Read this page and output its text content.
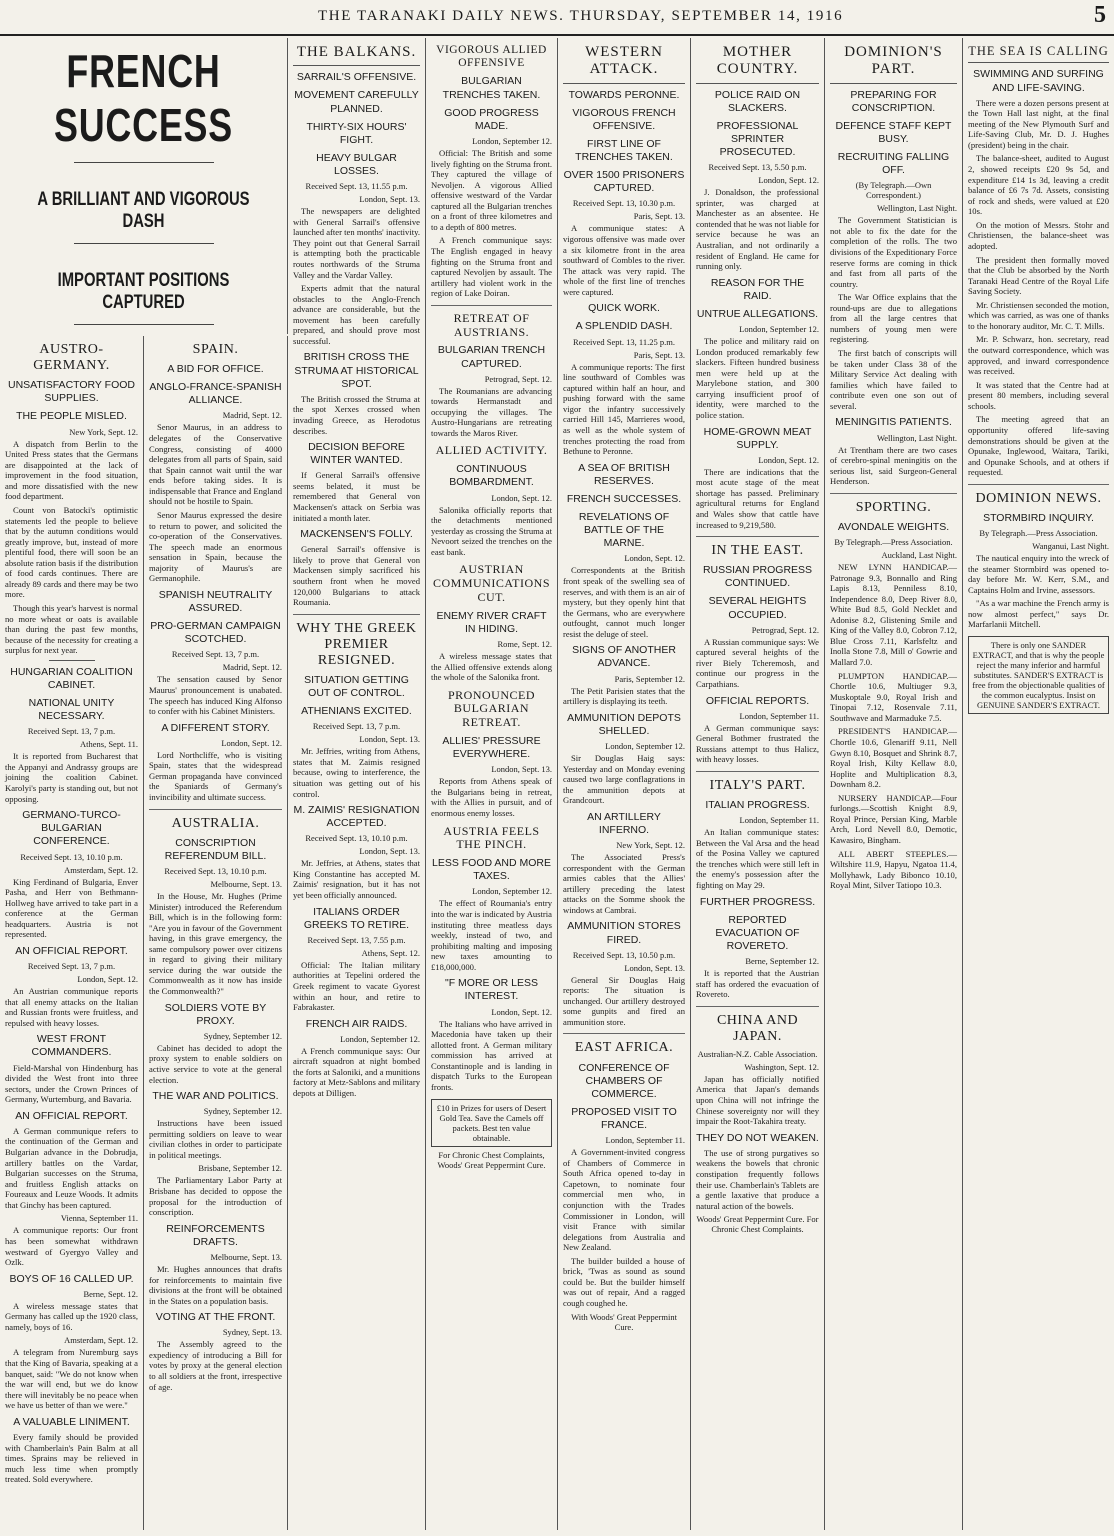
THE TARANAKI DAILY NEWS. THURSDAY, SEPTEMBER 14, 1916	5
FRENCH SUCCESS
A BRILLIANT AND VIGOROUS DASH
IMPORTANT POSITIONS CAPTURED
AUSTRO-GERMANY.
UNSATISFACTORY FOOD SUPPLIES.
THE PEOPLE MISLED.
New York, Sept. 12.

A dispatch from Berlin to the United Press states that the Germans are disappointed at the lack of improvement in the food situation, and more dissatisfied with the new food department.

Count von Batocki's optimistic statements led the people to believe that by the autumn conditions would greatly improve, but, instead of more plentiful food, there will soon be an absolute ration basis if the distribution of food cards continues. There are already 89 cards and there may be two more.

Though this year's harvest is normal no more wheat or oats is available than during the past few months, because of the necessity for creating a surplus for next year.

HUNGARIAN COALITION CABINET.
NATIONAL UNITY NECESSARY.
Received Sept. 13, 7 p.m.
Athens, Sept. 11.

It is reported from Bucharest that the Appanyi and Andrassy groups are joining the coalition Cabinet. Karolyi's party is standing out, but not opposing.

GERMANO-TURCO-BULGARIAN CONFERENCE.
Received Sept. 13, 10.10 p.m.
Amsterdam, Sept. 12.

King Ferdinand of Bulgaria, Enver Pasha, and Herr von Bethmann-Hollweg have arrived to take part in a conference at the German headquarters. Austria is not represented.

AN OFFICIAL REPORT.
Received Sept. 13, 7 p.m.
London, Sept. 12.

An Austrian communique reports that all enemy attacks on the Italian and Russian fronts were fruitless, and repulsed with heavy losses.

WEST FRONT COMMANDERS.

Field-Marshal von Hindenburg has divided the West front into three sectors, under the Crown Princes of Germany, Wurtemburg, and Bavaria.

AN OFFICIAL REPORT.

A German communique refers to the continuation of the German and Bulgarian advance in the Dobrudja, artillery battles on the Vardar, Bulgarian successes on the Struma, and fruitless English attacks on Foureaux and Leuze Woods. It admits that Ginchy has been captured.

Vienna, September 11.

A communique reports: Our front has been somewhat withdrawn westward of Gyergyo Valley and Ozlk.

BOYS OF 16 CALLED UP.
Berne, Sept. 12.

A wireless message states that Germany has called up the 1920 class, namely, boys of 16.

Amsterdam, Sept. 12.

A telegram from Nuremburg says that the King of Bavaria, speaking at a banquet, said: "We do not know when the war will end, but we do know there will inevitably be no peace when we have us better of than we were."

A VALUABLE LINIMENT.

Every family should be provided with Chamberlain's Pain Balm at all times. Sprains may be relieved in much less time when promptly treated. Sold everywhere.

SPAIN.
A BID FOR OFFICE.
ANGLO-FRANCE-SPANISH ALLIANCE.
Madrid, Sept. 12.

Senor Maurus, in an address to delegates of the Conservative Congress, consisting of 4000 delegates from all parts of Spain, said that Spain cannot wait until the war ends before taking sides. It is indispensable that France and England should not be hostile to Spain.

Senor Maurus expressed the desire to return to power, and solicited the co-operation of the Conservatives. The speech made an enormous sensation in Spain, because the majority of Maurus's are Germanophile.

SPANISH NEUTRALITY ASSURED.
PRO-GERMAN CAMPAIGN SCOTCHED.
Received Sept. 13, 7 p.m.
Madrid, Sept. 12.

The sensation caused by Senor Maurus' pronouncement is unabated. The speech has induced King Alfonso to confer with his Cabinet Ministers.

A DIFFERENT STORY.
London, Sept. 12.

Lord Northcliffe, who is visiting Spain, states that the widespread German propaganda have convinced the Spaniards of Germany's invincibility and ultimate success.

AUSTRALIA.
CONSCRIPTION REFERENDUM BILL.
Received Sept. 13, 10.10 p.m.
Melbourne, Sept. 13.

In the House, Mr. Hughes (Prime Minister) introduced the Referendum Bill, which is in the following form: "Are you in favour of the Government having, in this grave emergency, the same compulsory power over citizens in regard to giving their military service during the war outside the Commonwealth as it now has inside the Commonwealth?"

SOLDIERS VOTE BY PROXY.
Sydney, September 12.

Cabinet has decided to adopt the proxy system to enable soldiers on active service to vote at the general election.

THE WAR AND POLITICS.
Sydney, September 12.

Instructions have been issued permitting soldiers on leave to wear civilian clothes in order to participate in political meetings.

Brisbane, September 12.

The Parliamentary Labor Party at Brisbane has decided to oppose the proposal for the introduction of conscription.

REINFORCEMENTS DRAFTS.
Melbourne, Sept. 13.

Mr. Hughes announces that drafts for reinforcements to maintain five divisions at the front will be obtained in the States on a population basis.

VOTING AT THE FRONT.
Sydney, Sept. 13.

The Assembly agreed to the expediency of introducing a Bill for votes by proxy at the general election to all soldiers at the front, irrespective of age.

THE BALKANS.
SARRAIL'S OFFENSIVE.
MOVEMENT CAREFULLY PLANNED.
THIRTY-SIX HOURS' FIGHT.
HEAVY BULGAR LOSSES.
Received Sept. 13, 11.55 p.m.
London, Sept. 13.

The newspapers are delighted with General Sarrail's offensive launched after ten months' inactivity. They point out that General Sarrail is attempting both the practicable routes northwards of the Struma Valley and the Vardar Valley.

Experts admit that the natural obstacles to the Anglo-French advance are considerable, but the movement has been carefully prepared, and should prove most successful.

BRITISH CROSS THE STRUMA AT HISTORICAL SPOT.

The British crossed the Struma at the spot Xerxes crossed when invading Greece, as Herodotus describes.

DECISION BEFORE WINTER WANTED.

If General Sarrail's offensive seems belated, it must be remembered that General von Mackensen's attack on Serbia was initiated a month later.

MACKENSEN'S FOLLY.

General Sarrail's offensive is likely to prove that General von Mackensen simply sacrificed his southern front when he moved 120,000 Bulgarians to attack Roumania.

WHY THE GREEK PREMIER RESIGNED.
SITUATION GETTING OUT OF CONTROL.
ATHENIANS EXCITED.
Received Sept. 13, 7 p.m.
London, Sept. 13.

Mr. Jeffries, writing from Athens, states that M. Zaimis resigned because, owing to interference, the situation was getting out of his control.

M. ZAIMIS' RESIGNATION ACCEPTED.
Received Sept. 13, 10.10 p.m.
London, Sept. 13.

Mr. Jeffries, at Athens, states that King Constantine has accepted M. Zaimis' resignation, but it has not yet been officially announced.

ITALIANS ORDER GREEKS TO RETIRE.
Received Sept. 13, 7.55 p.m.
Athens, Sept. 12.

Official: The Italian military authorities at Tepelini ordered the Greek regiment to vacate Gyorest within an hour, and retire to Fabrakaster.

FRENCH AIR RAIDS.
London, September 12.

A French communique says: Our aircraft squadron at night bombed the forts at Saloniki, and a munitions factory at Metz-Sablons and military depots at Dilligen.

VIGOROUS ALLIED OFFENSIVE
BULGARIAN TRENCHES TAKEN.
GOOD PROGRESS MADE.
London, September 12.

Official: The British and some lively fighting on the Struma front. They captured the village of Nevoljen. A vigorous Allied offensive westward of the Vardar captured all the Bulgarian trenches on a front of three kilometres and to a depth of 800 metres.

A French communique says: The English engaged in heavy fighting on the Struma front and captured Nevoljen by assault. The artillery had violent work in the region of Lake Doiran.

RETREAT OF AUSTRIANS.
BULGARIAN TRENCH CAPTURED.
Petrograd, Sept. 12.

The Roumanians are advancing towards Hermanstadt and occupying the villages. The Austro-Hungarians are retreating towards the Maros River.

ALLIED ACTIVITY.
CONTINUOUS BOMBARDMENT.
London, Sept. 12.

Salonika officially reports that the detachments mentioned yesterday as crossing the Struma at Nevoort seized the trenches on the east bank.

AUSTRIAN COMMUNICATIONS CUT.
ENEMY RIVER CRAFT IN HIDING.
Rome, Sept. 12.

A wireless message states that the Allied offensive extends along the whole of the Salonika front.

PRONOUNCED BULGARIAN RETREAT.
ALLIES' PRESSURE EVERYWHERE.
London, Sept. 13.

Reports from Athens speak of the Bulgarians being in retreat, with the Allies in pursuit, and of enormous enemy losses.

AUSTRIA FEELS THE PINCH.
LESS FOOD AND MORE TAXES.
London, September 12.

The effect of Roumania's entry into the war is indicated by Austria instituting three meatless days weekly, instead of two, and prohibiting malting and imposing new taxes amounting to £18,000,000.

"F MORE OR LESS INTEREST.
London, Sept. 12.

The Italians who have arrived in Macedonia have taken up their allotted front. A German military commission has arrived at Constantinople and is landing in dispatch Turks to the European fronts.

£10 in Prizes for users of Desert Gold Tea. Save the Camels off packets. Best ten value obtainable.
For Chronic Chest Complaints, Woods' Great Peppermint Cure.
WESTERN ATTACK.
TOWARDS PERONNE.
VIGOROUS FRENCH OFFENSIVE.
FIRST LINE OF TRENCHES TAKEN.
OVER 1500 PRISONERS CAPTURED.
Received Sept. 13, 10.30 p.m.
Paris, Sept. 13.

A communique states: A vigorous offensive was made over a six kilometre front in the area southward of Combles to the river. The attack was very rapid. The whole of the first line of trenches were captured.

QUICK WORK.
A SPLENDID DASH.
Received Sept. 13, 11.25 p.m.
Paris, Sept. 13.

A communique reports: The first line southward of Combles was captured within half an hour, and pushing forward with the same vigor the infantry successively carried Hill 145, Marrieres wood, as well as the whole system of trenches protecting the road from Bethune to Peronne.

A SEA OF BRITISH RESERVES.
FRENCH SUCCESSES.
REVELATIONS OF BATTLE OF THE MARNE.
London, Sept. 12.

Correspondents at the British front speak of the swelling sea of reserves, and with them is an air of mystery, but they openly hint that the Germans, who are everywhere outfought, cannot much longer resist the deluge of steel.

SIGNS OF ANOTHER ADVANCE.
Paris, September 12.

The Petit Parisien states that the artillery is displaying its teeth.

AMMUNITION DEPOTS SHELLED.
London, September 12.

Sir Douglas Haig says: Yesterday and on Monday evening caused two large conflagrations in the ammunition depots at Grandcourt.

AN ARTILLERY INFERNO.
New York, Sept. 12.

The Associated Press's correspondent with the German armies cables that the Allies' artillery preceding the latest attacks on the Somme shook the windows at Cambrai.

AMMUNITION STORES FIRED.
Received Sept. 13, 10.50 p.m.
London, Sept. 13.

General Sir Douglas Haig reports: The situation is unchanged. Our artillery destroyed some gunpits and fired an ammunition store.

EAST AFRICA.
CONFERENCE OF CHAMBERS OF COMMERCE.
PROPOSED VISIT TO FRANCE.
London, September 11.

A Government-invited congress of Chambers of Commerce in South Africa opened to-day in Capetown, to nominate four commercial men who, in conjunction with the Trades Commissioner in London, will visit France with similar delegations from Australia and New Zealand.

The builder builded a house of brick, 'Twas as sound as sound could be. But the builder himself was out of repair, And a ragged cough coughed he.

With Woods' Great Peppermint Cure.
MOTHER COUNTRY.
POLICE RAID ON SLACKERS.
PROFESSIONAL SPRINTER PROSECUTED.
Received Sept. 13, 5.50 p.m.
London, Sept. 12.

J. Donaldson, the professional sprinter, was charged at Manchester as an absentee. He contended that he was not liable for service because he was an Australian, and not ordinarily a resident of England. He came for running only.

REASON FOR THE RAID.
UNTRUE ALLEGATIONS.
London, September 12.

The police and military raid on London produced remarkably few slackers. Fifteen hundred business men were held up at the Marylebone station, and 300 carrying insufficient proof of identity, were marched to the police station.

HOME-GROWN MEAT SUPPLY.
London, Sept. 12.

There are indications that the most acute stage of the meat shortage has passed. Preliminary agricultural returns for England and Wales show that cattle have increased to 9,219,580.

IN THE EAST.
RUSSIAN PROGRESS CONTINUED.
SEVERAL HEIGHTS OCCUPIED.
Petrograd, Sept. 12.

A Russian communique says: We captured several heights of the river Biely Tcheremosh, and continue our progress in the Carpathians.

OFFICIAL REPORTS.
London, September 11.

A German communique says: General Bothmer frustrated the Russians attempt to thus Halicz, with heavy losses.

ITALY'S PART.
ITALIAN PROGRESS.
London, September 11.

An Italian communique states: Between the Val Arsa and the head of the Posina Valley we captured the trenches which were still left in the enemy's possession after the fighting on May 29.

FURTHER PROGRESS.
REPORTED EVACUATION OF ROVERETO.
Berne, September 12.

It is reported that the Austrian staff has ordered the evacuation of Rovereto.

CHINA AND JAPAN.
Australian-N.Z. Cable Association.
Washington, Sept. 12.

Japan has officially notified America that Japan's demands upon China will not infringe the Chinese sovereignty nor will they impair the Root-Takahira treaty.

THEY DO NOT WEAKEN.

The use of strong purgatives so weakens the bowels that chronic constipation frequently follows their use. Chamberlain's Tablets are a gentle laxative that produce a natural action of the bowels.

Woods' Great Peppermint Cure. For Chronic Chest Complaints.
DOMINION'S PART.
PREPARING FOR CONSCRIPTION.
DEFENCE STAFF KEPT BUSY.
RECRUITING FALLING OFF.
(By Telegraph.—Own Correspondent.)
Wellington, Last Night.

The Government Statistician is not able to fix the date for the completion of the rolls. The two divisions of the Expeditionary Force reserve forms are coming in thick and fast from all parts of the country.

The War Office explains that the round-ups are due to allegations from all the large centres that numbers of young men were registering.

The first batch of conscripts will be taken under Class 38 of the Military Service Act dealing with families which have failed to contribute even one son out of several.

MENINGITIS PATIENTS.
Wellington, Last Night.

At Trentham there are two cases of cerebro-spinal meningitis on the serious list, said Surgeon-General Henderson.

SPORTING.
AVONDALE WEIGHTS.
By Telegraph.—Press Association.
Auckland, Last Night.

NEW LYNN HANDICAP.—Patronage 9.3, Bonnallo and Ring Lapis 8.13, Penniless 8.10, Independence 8.0, Deep River 8.0, White Bud 8.5, Gold Necklet and Adonise 8.2, Glistening Smile and King of the Valley 8.0, Cobron 7.12, Blue Cross 7.11, Karlsfeltz and Inolla Stone 7.8, Mill o' Gowrie and Mallard 7.0.

PLUMPTON HANDICAP.—Chortle 10.6, Multiuger 9.3, Muskoptale 9.0, Royal Irish and Tinopai 7.12, Rosenvale 7.11, Southwave and Marmaduke 7.5.

PRESIDENT'S HANDICAP.—Chortle 10.6, Glenariff 9.11, Nell Gwyn 8.10, Bosquet and Shrink 8.7, Royal Irish, Kilty Kellaw 8.0, Hoplite and Multiplication 8.3, Downham 8.2.

NURSERY HANDICAP.—Four furlongs.—Scottish Knight 8.9, Royal Prince, Persian King, Marble Arch, Lord Nevell 8.0, Demotic, Kawasiro, Bingham.

ALL ABERT STEEPLES.—Wiltshire 11.9, Hapyu, Ngatoa 11.4, Mollyhawk, Lady Bibonco 10.10, Royal Mint, Silver Tatiopo 10.3.

THE SEA IS CALLING
SWIMMING AND SURFING AND LIFE-SAVING.

There were a dozen persons present at the Town Hall last night, at the final meeting of the New Plymouth Surf and Life-Saving Club, Mr. D. J. Hughes (president) being in the chair.

The balance-sheet, audited to August 2, showed receipts £20 9s 5d, and expenditure £14 1s 3d, leaving a credit balance of £6 7s 7d. Assets, consisting of rock and sheds, were valued at £20 10s.

On the motion of Messrs. Stohr and Christiensen, the balance-sheet was adopted.

The president then formally moved that the Club be absorbed by the North Taranaki Head Centre of the Royal Life Saving Society.

Mr. Christiensen seconded the motion, which was carried, as was one of thanks to the honorary auditor, Mr. C. T. Mills.

Mr. P. Schwarz, hon. secretary, read the outward correspondence, which was approved, and inward correspondence was received.

It was stated that the Centre had at present 80 members, including several schools.

The meeting agreed that an opportunity offered life-saving demonstrations should be given at the Opunake, Inglewood, Waitara, Tariki, and Opunake Schools, and at others if requested.

DOMINION NEWS.
STORMBIRD INQUIRY.
By Telegraph.—Press Association.
Wanganui, Last Night.

The nautical enquiry into the wreck of the steamer Stormbird was opened to-day before Mr. W. Kerr, S.M., and Captains Holm and Irvine, assessors.

"As a war machine the French army is now almost perfect," says Dr. Marfarlanii Mitchell.

There is only one SANDER EXTRACT, and that is why the people reject the many inferior and harmful substitutes. SANDER'S EXTRACT is free from the objectionable qualities of the common eucalyptus. Insist on GENUINE SANDER'S EXTRACT.
